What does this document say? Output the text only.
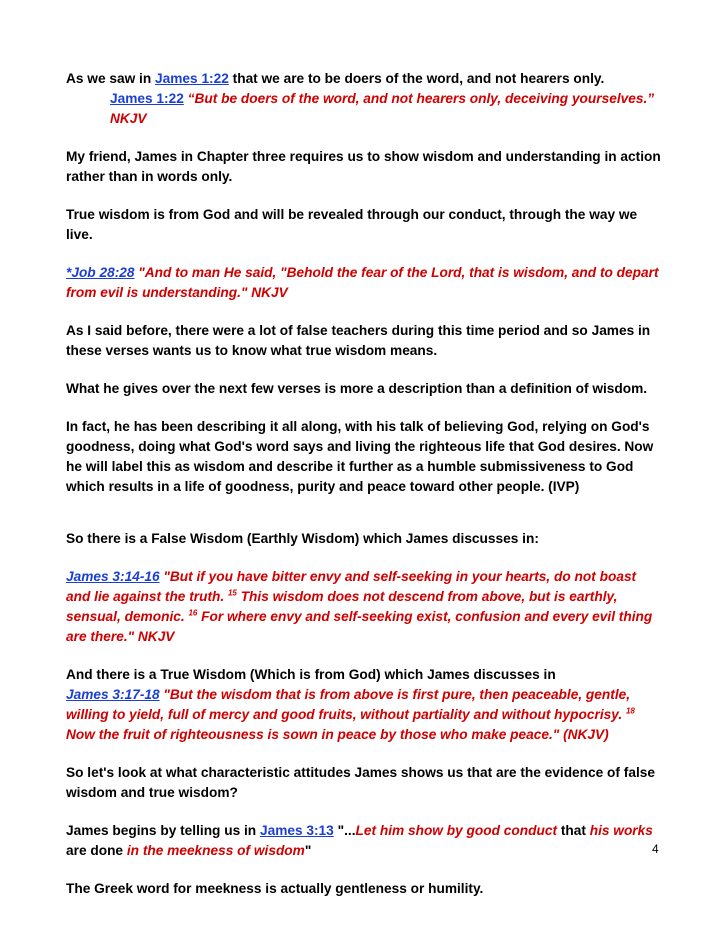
As we saw in James 1:22 that we are to be doers of the word, and not hearers only.

James 1:22 “But be doers of the word, and not hearers only, deceiving yourselves.” NKJV

My friend, James in Chapter three requires us to show wisdom and understanding in action rather than in words only.

True wisdom is from God and will be revealed through our conduct, through the way we live.

*Job 28:28 "And to man He said, "Behold the fear of the Lord, that is wisdom, and to depart from evil is understanding." NKJV

As I said before, there were a lot of false teachers during this time period and so James in these verses wants us to know what true wisdom means.

What he gives over the next few verses is more a description than a definition of wisdom.

In fact, he has been describing it all along, with his talk of believing God, relying on God's goodness, doing what God's word says and living the righteous life that God desires. Now he will label this as wisdom and describe it further as a humble submissiveness to God which results in a life of goodness, purity and peace toward other people. (IVP)

So there is a False Wisdom (Earthly Wisdom) which James discusses in:

James 3:14-16 "But if you have bitter envy and self-seeking in your hearts, do not boast and lie against the truth. $^{15}$ This wisdom does not descend from above, but is earthly, sensual, demonic. $^{16}$ For where envy and self-seeking exist, confusion and every evil thing are there." NKJV

And there is a True Wisdom (Which is from God) which James discusses in
James 3:17-18 "But the wisdom that is from above is first pure, then peaceable, gentle, willing to yield, full of mercy and good fruits, without partiality and without hypocrisy. $^{18}$ Now the fruit of righteousness is sown in peace by those who make peace." (NKJV)

So let's look at what characteristic attitudes James shows us that are the evidence of false wisdom and true wisdom?

James begins by telling us in James 3:13 "...Let him show by good conduct that his works are done in the meekness of wisdom"

The Greek word for meekness is actually gentleness or humility.

4
